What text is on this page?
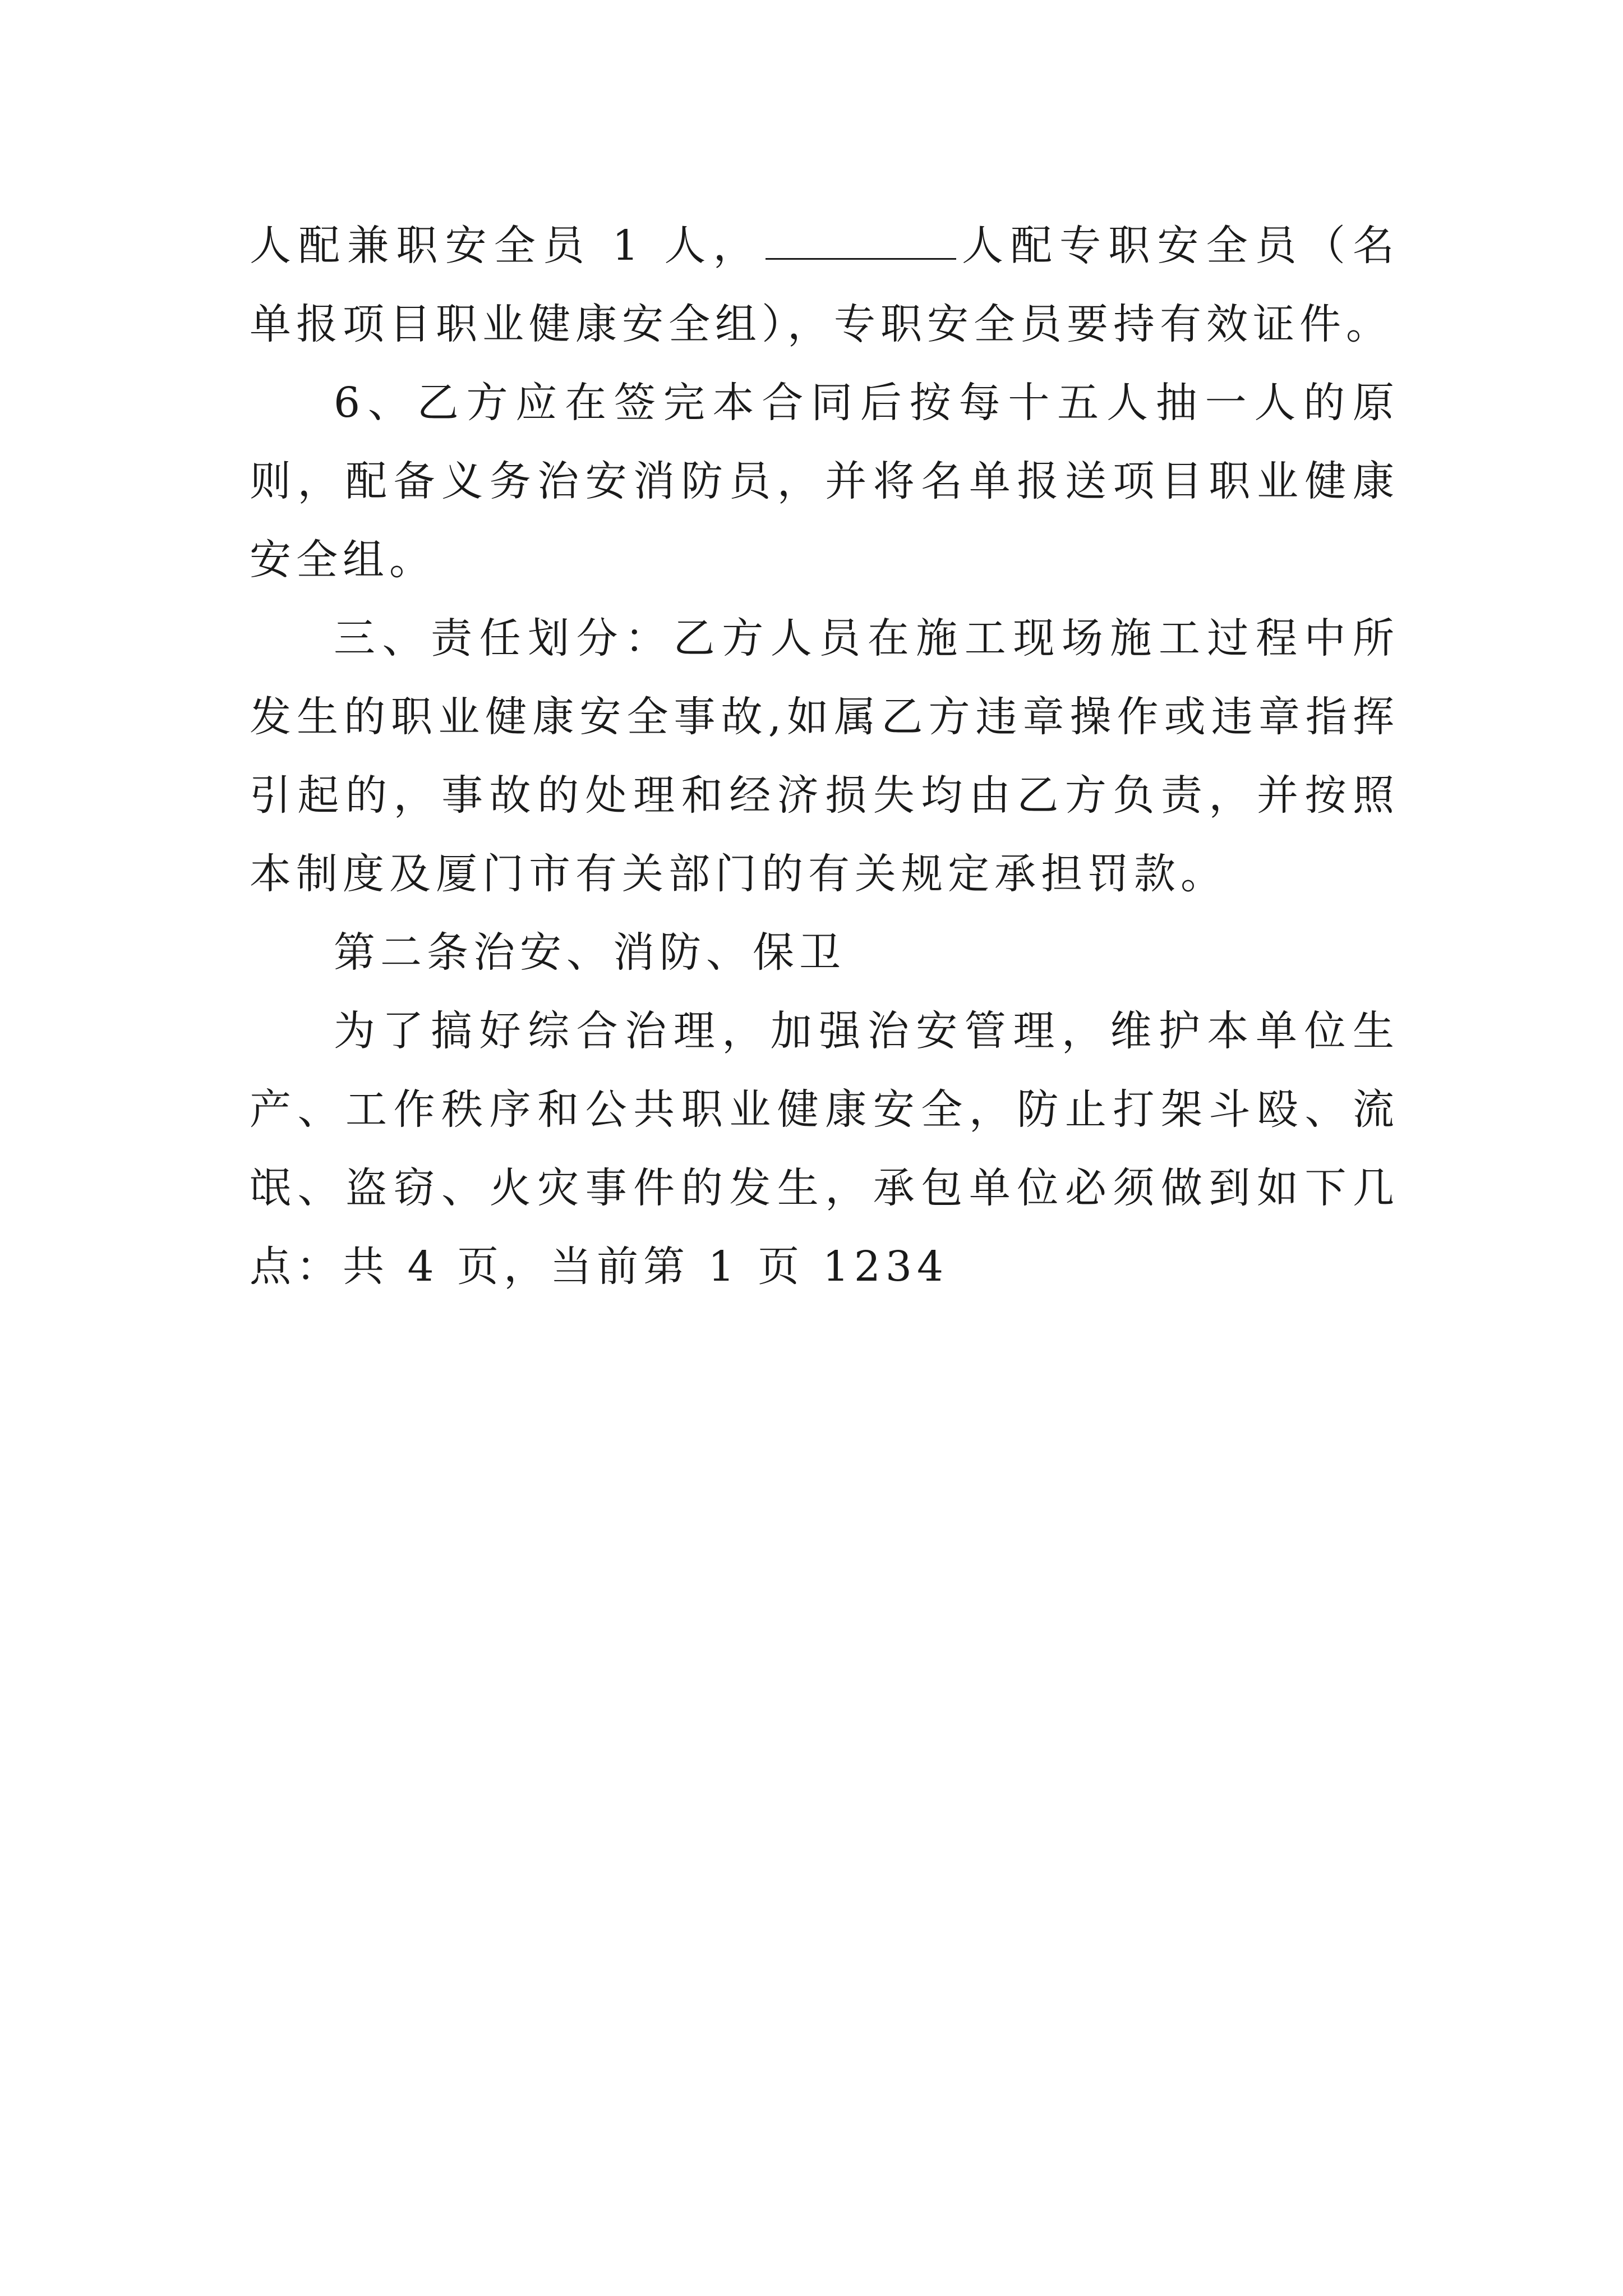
人配兼职安全员 1 人，	人配专职安全员（名单报项目职业健康安全组），专职安全员要持有效证件。

6、乙方应在签完本合同后按每十五人抽一人的原则，配备义务治安消防员，并将名单报送项目职业健康安全组。

三、责任划分：乙方人员在施工现场施工过程中所发生的职业健康安全事故,如属乙方违章操作或违章指挥引起的，事故的处理和经济损失均由乙方负责，并按照本制度及厦门市有关部门的有关规定承担罚款。

第二条治安、消防、保卫

为了搞好综合治理，加强治安管理，维护本单位生产、工作秩序和公共职业健康安全，防止打架斗殴、流氓、盗窃、火灾事件的发生，承包单位必须做到如下几点：共 4 页，当前第 1 页 1234
